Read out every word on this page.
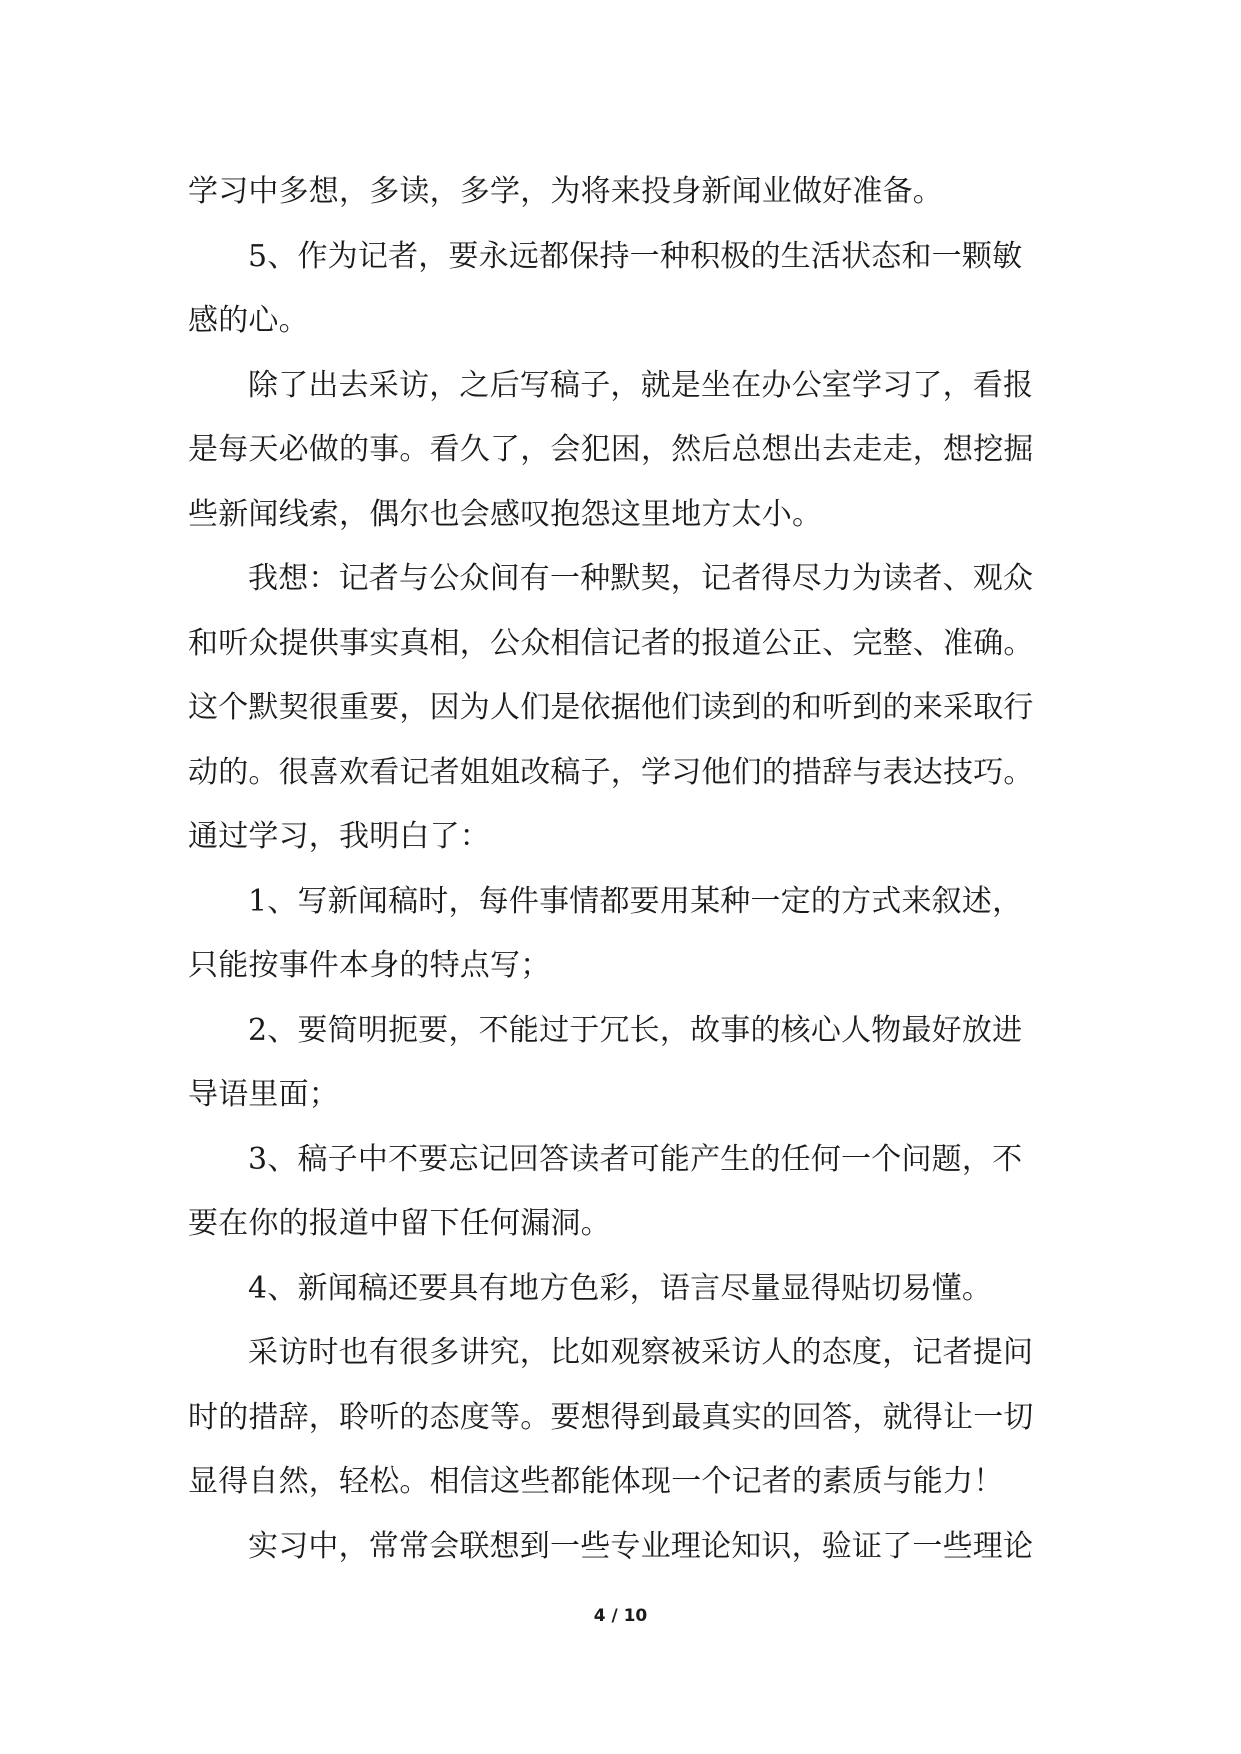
学习中多想，多读，多学，为将来投身新闻业做好准备。
5、作为记者，要永远都保持一种积极的生活状态和一颗敏
感的心。
除了出去采访，之后写稿子，就是坐在办公室学习了，看报
是每天必做的事。看久了，会犯困，然后总想出去走走，想挖掘
些新闻线索，偶尔也会感叹抱怨这里地方太小。
我想：记者与公众间有一种默契，记者得尽力为读者、观众
和听众提供事实真相，公众相信记者的报道公正、完整、准确。
这个默契很重要，因为人们是依据他们读到的和听到的来采取行
动的。很喜欢看记者姐姐改稿子，学习他们的措辞与表达技巧。
通过学习，我明白了：
1、写新闻稿时，每件事情都要用某种一定的方式来叙述，
只能按事件本身的特点写；
2、要简明扼要，不能过于冗长，故事的核心人物最好放进
导语里面；
3、稿子中不要忘记回答读者可能产生的任何一个问题，不
要在你的报道中留下任何漏洞。
4、新闻稿还要具有地方色彩，语言尽量显得贴切易懂。
采访时也有很多讲究，比如观察被采访人的态度，记者提问
时的措辞，聆听的态度等。要想得到最真实的回答，就得让一切
显得自然，轻松。相信这些都能体现一个记者的素质与能力！
实习中，常常会联想到一些专业理论知识，验证了一些理论
4 / 10
